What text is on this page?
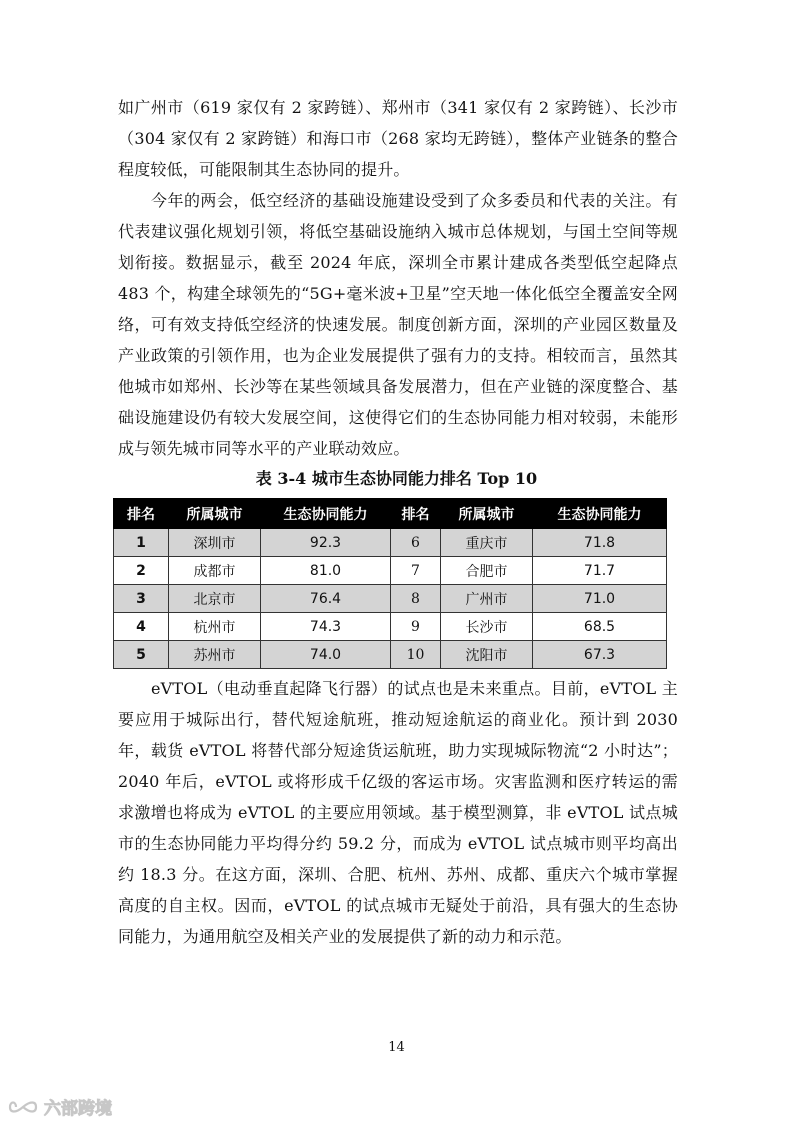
如广州市（619 家仅有 2 家跨链）、郑州市（341 家仅有 2 家跨链）、长沙市（304 家仅有 2 家跨链）和海口市（268 家均无跨链），整体产业链条的整合程度较低，可能限制其生态协同的提升。

今年的两会，低空经济的基础设施建设受到了众多委员和代表的关注。有代表建议强化规划引领，将低空基础设施纳入城市总体规划，与国土空间等规划衔接。数据显示，截至 2024 年底，深圳全市累计建成各类型低空起降点 483 个，构建全球领先的“5G+毫米波+卫星”空天地一体化低空全覆盖安全网络，可有效支持低空经济的快速发展。制度创新方面，深圳的产业园区数量及产业政策的引领作用，也为企业发展提供了强有力的支持。相较而言，虽然其他城市如郑州、长沙等在某些领域具备发展潜力，但在产业链的深度整合、基础设施建设仍有较大发展空间，这使得它们的生态协同能力相对较弱，未能形成与领先城市同等水平的产业联动效应。

表 3-4 城市生态协同能力排名 Top 10

排名	所属城市	生态协同能力	排名	所属城市	生态协同能力
1	深圳市	92.3	6	重庆市	71.8
2	成都市	81.0	7	合肥市	71.7
3	北京市	76.4	8	广州市	71.0
4	杭州市	74.3	9	长沙市	68.5
5	苏州市	74.0	10	沈阳市	67.3

eVTOL（电动垂直起降飞行器）的试点也是未来重点。目前，eVTOL 主要应用于城际出行，替代短途航班，推动短途航运的商业化。预计到 2030 年，载货 eVTOL 将替代部分短途货运航班，助力实现城际物流“2 小时达”；2040 年后，eVTOL 或将形成千亿级的客运市场。灾害监测和医疗转运的需求激增也将成为 eVTOL 的主要应用领域。基于模型测算，非 eVTOL 试点城市的生态协同能力平均得分约 59.2 分，而成为 eVTOL 试点城市则平均高出约 18.3 分。在这方面，深圳、合肥、杭州、苏州、成都、重庆六个城市掌握高度的自主权。因而，eVTOL 的试点城市无疑处于前沿，具有强大的生态协同能力，为通用航空及相关产业的发展提供了新的动力和示范。

14

六部跨境
